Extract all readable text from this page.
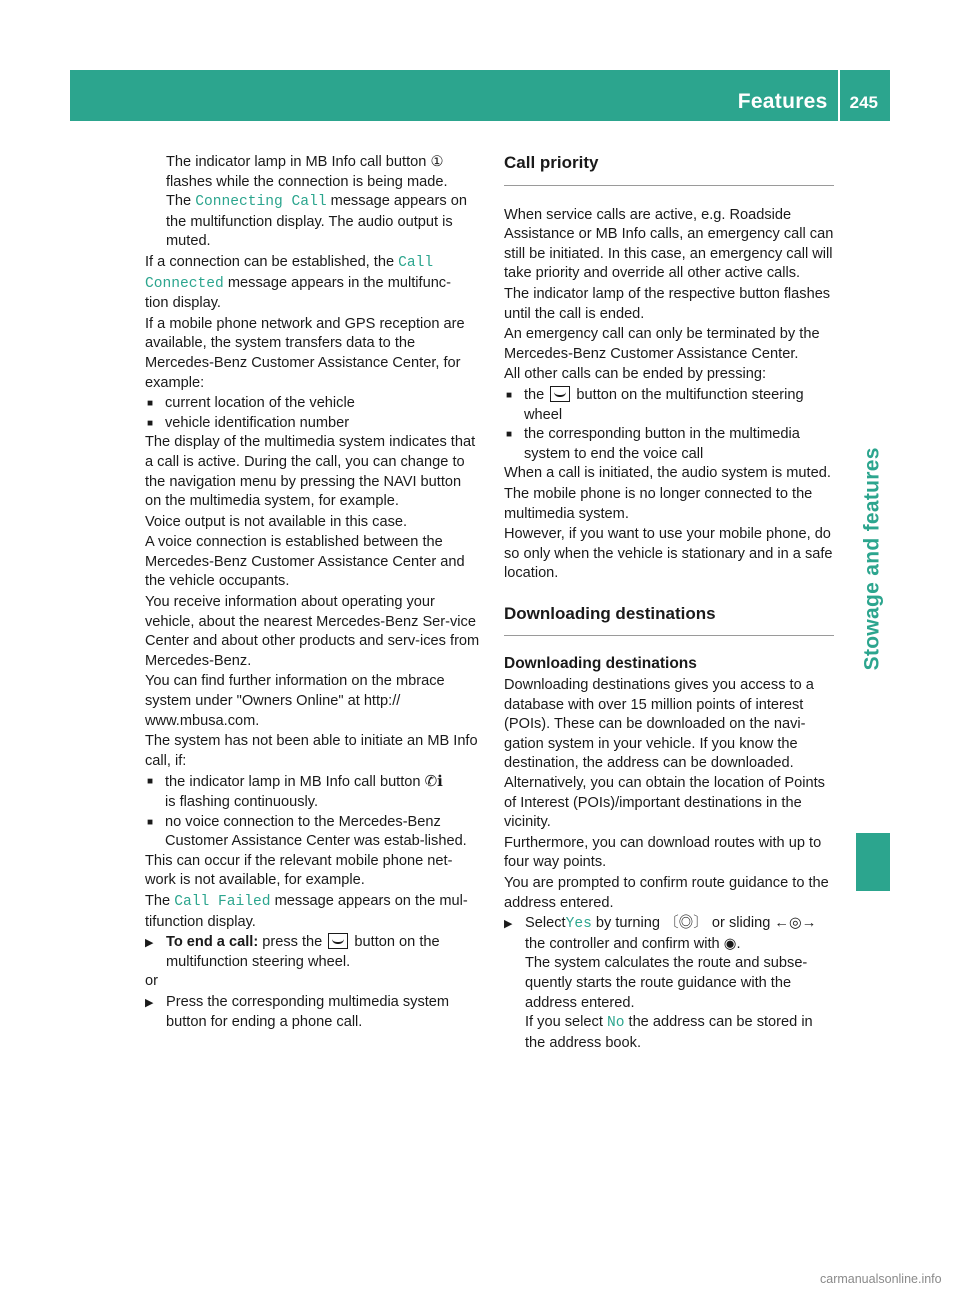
Features	245
Stowage and features

The indicator lamp in MB Info call button ①
flashes while the connection is being made.
The Connecting Call message appears on
the multifunction display. The audio output is
muted.

If a connection can be established, the Call
Connected message appears in the multifunc-
tion display.

If a mobile phone network and GPS reception are available, the system transfers data to the Mercedes-Benz Customer Assistance Center, for example:

■ current location of the vehicle
■ vehicle identification number

The display of the multimedia system indicates that a call is active. During the call, you can change to the navigation menu by pressing the NAVI button on the multimedia system, for example.

Voice output is not available in this case.

A voice connection is established between the Mercedes-Benz Customer Assistance Center and the vehicle occupants.

You receive information about operating your vehicle, about the nearest Mercedes-Benz Ser-vice Center and about other products and serv-ices from Mercedes-Benz.

You can find further information on the mbrace system under "Owners Online" at http:// www.mbusa.com.

The system has not been able to initiate an MB Info call, if:

■ the indicator lamp in MB Info call button ✆ℹ
is flashing continuously.
■ no voice connection to the Mercedes-Benz Customer Assistance Center was estab-lished.

This can occur if the relevant mobile phone net-work is not available, for example.

The Call Failed message appears on the mul-
tifunction display.

▶ To end a call: press the button on the multifunction steering wheel.

or

▶ Press the corresponding multimedia system button for ending a phone call.
Call priority

When service calls are active, e.g. Roadside Assistance or MB Info calls, an emergency call can still be initiated. In this case, an emergency call will take priority and override all other active calls.

The indicator lamp of the respective button flashes until the call is ended.

An emergency call can only be terminated by the Mercedes-Benz Customer Assistance Center.

All other calls can be ended by pressing:

■ the button on the multifunction steering wheel
■ the corresponding button in the multimedia system to end the voice call

When a call is initiated, the audio system is muted.

The mobile phone is no longer connected to the multimedia system.

However, if you want to use your mobile phone, do so only when the vehicle is stationary and in a safe location.

Downloading destinations
Downloading destinations

Downloading destinations gives you access to a database with over 15 million points of interest (POIs). These can be downloaded on the navi-gation system in your vehicle. If you know the destination, the address can be downloaded. Alternatively, you can obtain the location of Points of Interest (POIs)/important destinations in the vicinity.

Furthermore, you can download routes with up to four way points.

You are prompted to confirm route guidance to the address entered.

▶ SelectYes by turning 〔◎〕 or sliding ←◎→
the controller and confirm with ◉.
The system calculates the route and subse-quently starts the route guidance with the address entered.
If you select No the address can be stored in the address book.
carmanualsonline.info
